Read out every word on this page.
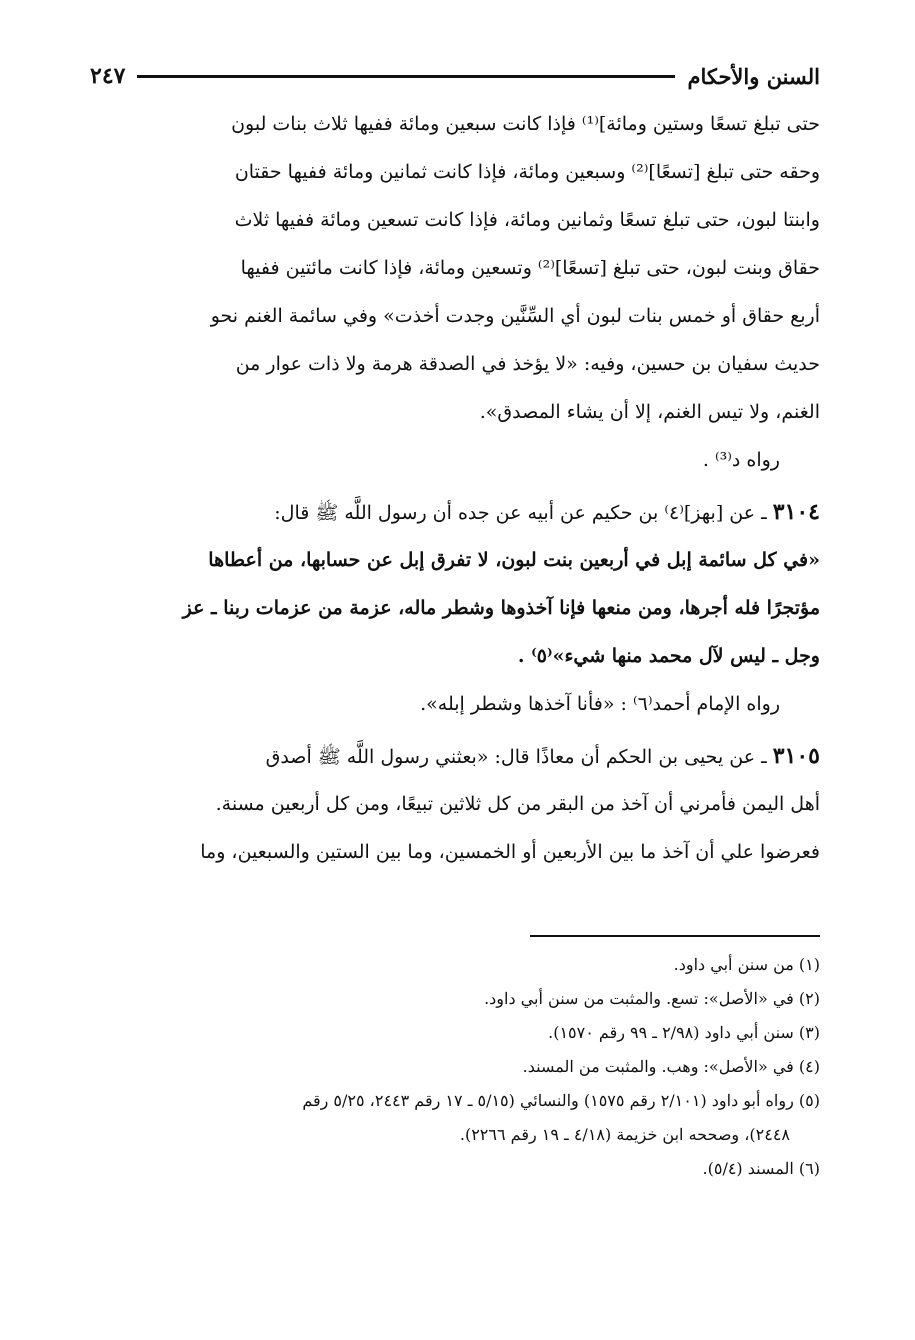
السنن والأحكام
٢٤٧
حتى تبلغ تسعًا وستين ومائة]⁽¹⁾ فإذا كانت سبعين ومائة ففيها ثلاث بنات لبون
وحقه حتى تبلغ [تسعًا]⁽²⁾ وسبعين ومائة، فإذا كانت ثمانين ومائة ففيها حقتان
وابنتا لبون، حتى تبلغ تسعًا وثمانين ومائة، فإذا كانت تسعين ومائة ففيها ثلاث
حقاق وبنت لبون، حتى تبلغ [تسعًا]⁽²⁾ وتسعين ومائة، فإذا كانت مائتين ففيها
أربع حقاق أو خمس بنات لبون أي السِّنَّين وجدت أخذت» وفي سائمة الغنم نحو
حديث سفيان بن حسين، وفيه: «لا يؤخذ في الصدقة هرمة ولا ذات عوار من
الغنم، ولا تيس الغنم، إلا أن يشاء المصدق».
رواه د⁽³⁾ .
٣١٠٤ ـ عن [بهز]⁽٤⁾ بن حكيم عن أبيه عن جده أن رسول اللَّه ﷺ قال:
«في كل سائمة إبل في أربعين بنت لبون، لا تفرق إبل عن حسابها، من أعطاها
مؤتجرًا فله أجرها، ومن منعها فإنا آخذوها وشطر ماله، عزمة من عزمات ربنا ـ عز
وجل ـ ليس لآل محمد منها شيء»⁽٥⁾ .
رواه الإمام أحمد⁽٦⁾ : «فأنا آخذها وشطر إبله».
٣١٠٥ ـ عن يحيى بن الحكم أن معاذًا قال: «بعثني رسول اللَّه ﷺ أصدق
أهل اليمن فأمرني أن آخذ من البقر من كل ثلاثين تبيعًا، ومن كل أربعين مسنة.
فعرضوا علي أن آخذ ما بين الأربعين أو الخمسين، وما بين الستين والسبعين، وما
(١) من سنن أبي داود.
(٢) في «الأصل»: تسع. والمثبت من سنن أبي داود.
(٣) سنن أبي داود (٢/٩٨ ـ ٩٩ رقم ١٥٧٠).
(٤) في «الأصل»: وهب. والمثبت من المسند.
(٥) رواه أبو داود (٢/١٠١ رقم ١٥٧٥) والنسائي (٥/١٥ ـ ١٧ رقم ٢٤٤٣، ٥/٢٥ رقم
٢٤٤٨)، وصححه ابن خزيمة (٤/١٨ ـ ١٩ رقم ٢٢٦٦).
(٦) المسند (٥/٤).
